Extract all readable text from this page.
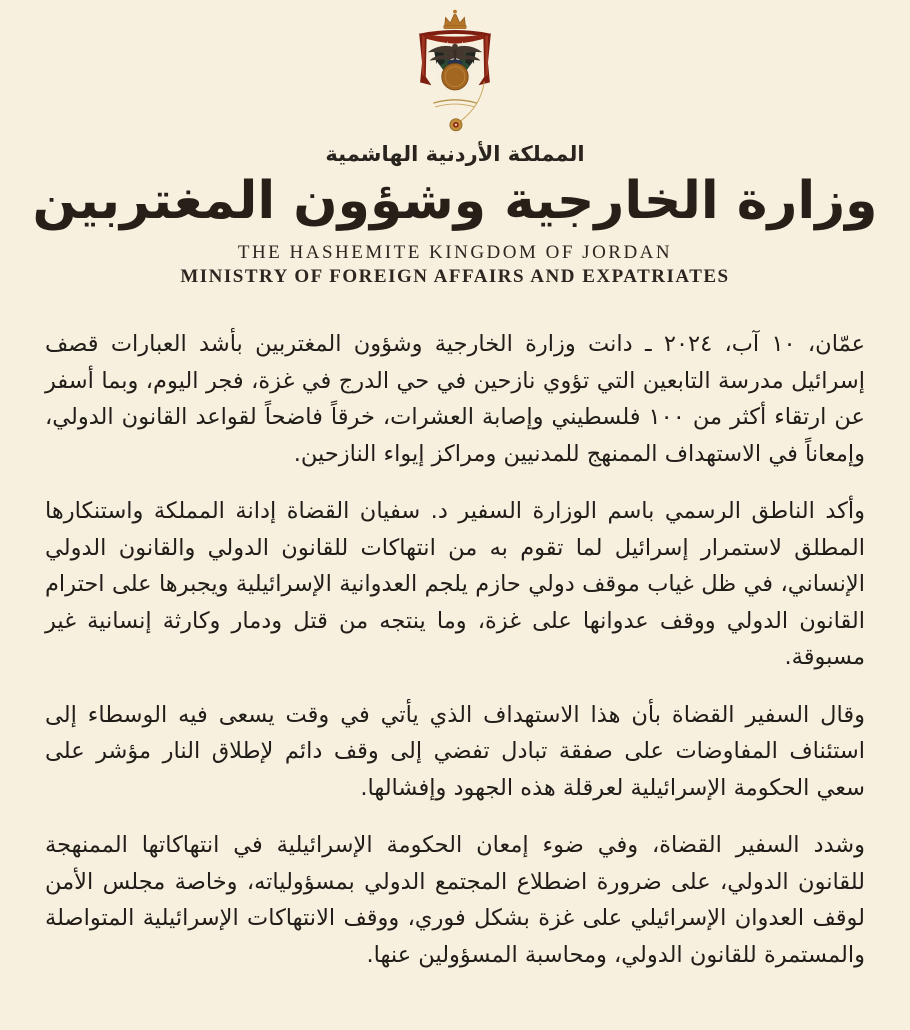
المملكة الأردنية الهاشمية
وزارة الخارجية وشؤون المغتربين
THE HASHEMITE KINGDOM OF JORDAN
MINISTRY OF FOREIGN AFFAIRS AND EXPATRIATES

عمّان، ١٠ آب، ٢٠٢٤ ـ دانت وزارة الخارجية وشؤون المغتربين بأشد العبارات قصف إسرائيل مدرسة التابعين التي تؤوي نازحين في حي الدرج في غزة، فجر اليوم، وبما أسفر عن ارتقاء أكثر من ١٠٠ فلسطيني وإصابة العشرات، خرقاً فاضحاً لقواعد القانون الدولي، وإمعاناً في الاستهداف الممنهج للمدنيين ومراكز إيواء النازحين.

وأكد الناطق الرسمي باسم الوزارة السفير د. سفيان القضاة إدانة المملكة واستنكارها المطلق لاستمرار إسرائيل لما تقوم به من انتهاكات للقانون الدولي والقانون الدولي الإنساني، في ظل غياب موقف دولي حازم يلجم العدوانية الإسرائيلية ويجبرها على احترام القانون الدولي ووقف عدوانها على غزة، وما ينتجه من قتل ودمار وكارثة إنسانية غير مسبوقة.

وقال السفير القضاة بأن هذا الاستهداف الذي يأتي في وقت يسعى فيه الوسطاء إلى استئناف المفاوضات على صفقة تبادل تفضي إلى وقف دائم لإطلاق النار مؤشر على سعي الحكومة الإسرائيلية لعرقلة هذه الجهود وإفشالها.

وشدد السفير القضاة، وفي ضوء إمعان الحكومة الإسرائيلية في انتهاكاتها الممنهجة للقانون الدولي، على ضرورة اضطلاع المجتمع الدولي بمسؤولياته، وخاصة مجلس الأمن لوقف العدوان الإسرائيلي على غزة بشكل فوري، ووقف الانتهاكات الإسرائيلية المتواصلة والمستمرة للقانون الدولي، ومحاسبة المسؤولين عنها.
